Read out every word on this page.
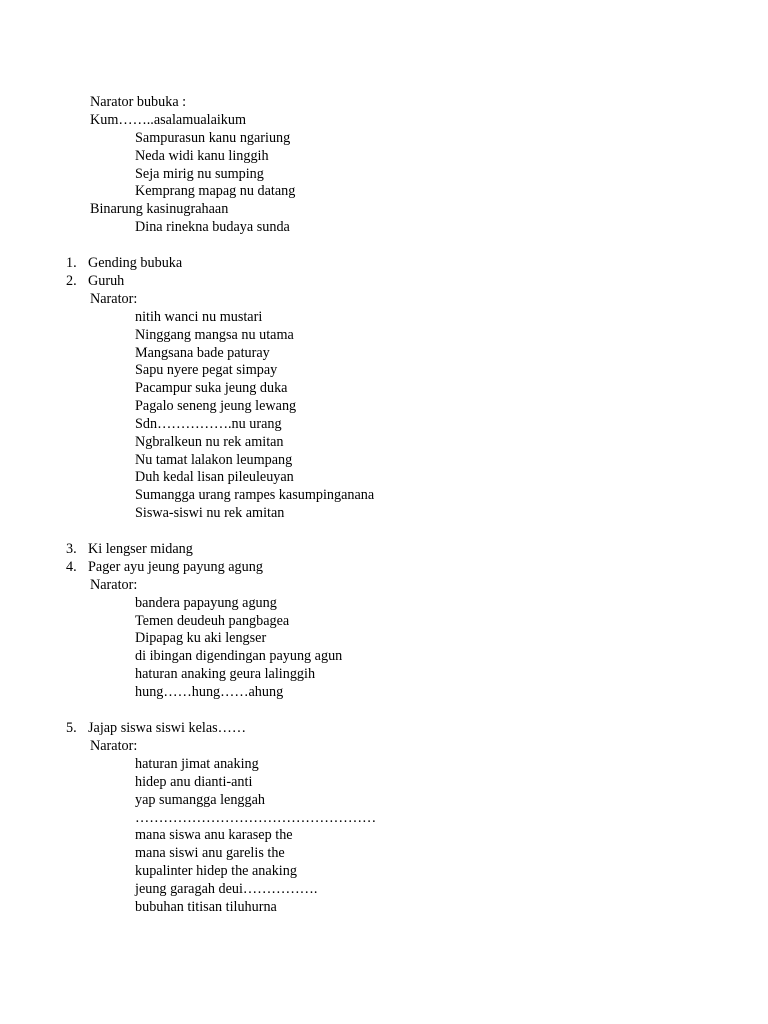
Narator bubuka :
Kum……..asalamualaikum
Sampurasun kanu ngariung
Neda widi kanu linggih
Seja mirig nu sumping
Kemprang mapag nu datang
Binarung kasinugrahaan
Dina rinekna budaya sunda
1. Gending bubuka
2. Guruh
Narator:
nitih wanci nu mustari
Ninggang mangsa nu utama
Mangsana bade paturay
Sapu nyere pegat simpay
Pacampur suka jeung duka
Pagalo seneng jeung lewang
Sdn…………….nu urang
Ngbralkeun nu rek amitan
Nu tamat lalakon leumpang
Duh kedal lisan pileuleuyan
Sumangga urang rampes kasumpinganana
Siswa-siswi nu rek amitan
3. Ki lengser midang
4. Pager ayu jeung payung agung
Narator:
bandera papayung agung
Temen deudeuh pangbagea
Dipapag ku aki lengser
di ibingan digendingan payung agun
haturan anaking geura lalinggih
hung……hung……ahung
5. Jajap siswa siswi kelas……
Narator:
haturan jimat anaking
hidep anu dianti-anti
yap sumangga lenggah
……………………………………………
mana siswa anu karasep the
mana siswi anu garelis the
kupalinter hidep the anaking
jeung garagah deui…………….
bubuhan titisan tiluhurna
